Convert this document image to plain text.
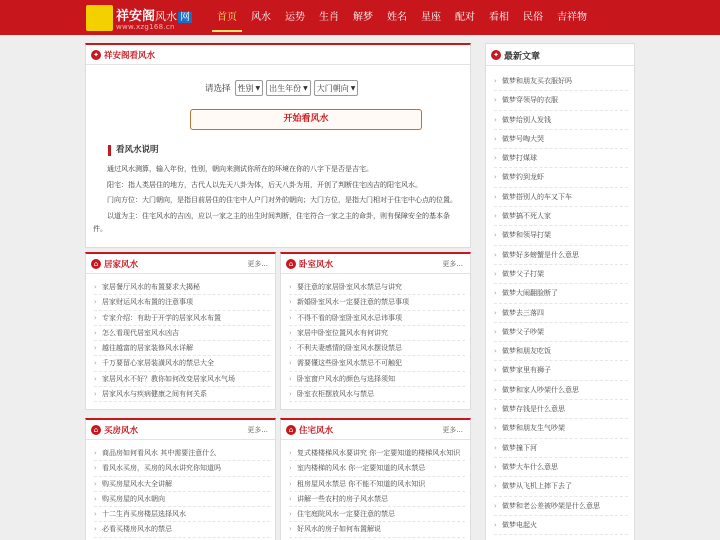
祥安阁风水 网
www.xzg168.cn
首页	风水	运势	生肖	解梦	姓名	星座	配对	看相	民俗	吉祥物
✦ 祥安阁看风水
请选择 性别 ▼ 出生年份 ▼ 大门朝向 ▼
开始看风水
看风水说明
通过风水测算，输入年份，性别，朝向来测试你所在的环境在你的八字下是否是吉宅。
阳宅：指人类居住的地方，古代人以先天八卦为体，后天八卦为用，开创了判断住宅凶吉的阳宅风水。
门向方位：大门朝向，是指目前居住的住宅中人户门对外的朝向；大门方位，是指大门相对于住宅中心点的位置。
以道为主：住宅风水的吉凶，应以一家之主的出生时间判断，住宅符合一家之主的命卦，则有保障安全的基本条件。
⌂ 居家风水	更多...
› 家居餐厅风水的布置要求大揭秘
› 居家财运风水布置的注意事项
› 专家介绍：有助于开学的居家风水布置
› 怎么看现代居室风水凶吉
› 越往越富的居家装修风水详解
› 千万要留心家居装潢风水的禁忌大全
› 家居风水不好？教你如何改变居家风水气场
› 居家风水与疾病健康之间有何关系
⌂ 卧室风水	更多...
› 要注意的家居卧室风水禁忌与讲究
› 新婚卧室风水一定要注意的禁忌事项
› 不得不看的卧室卧室风水忌讳事项
› 家居中卧室位置风水有何讲究
› 不利夫妻感情的卧室风水摆设禁忌
› 需要懂这些卧室风水禁忌不可触犯
› 卧室窗户风水的颜色与选择须知
› 卧室衣柜摆放风水与禁忌
⌂ 买房风水	更多...
› 商品房如何看风水 其中需要注意什么
› 看风水买房，买房的风水讲究你知道吗
› 购买房屋风水大全讲解
› 购买房屋的风水朝向
› 十二生肖买房楼层选择风水
› 必看买楼房风水的禁忌
⌂ 住宅风水	更多...
› 复式楼楼梯风水要讲究 你一定要知道的楼梯风水知识
› 室内楼梯的风水 你一定要知道的风水禁忌
› 租房屋风水禁忌 你不能不知道的风水知识
› 讲解一些农村的房子风水禁忌
› 住宅庭院风水一定要注意的禁忌
› 好风水的房子如何布置解说
✦ 最新文章
› 做梦和朋友买衣服好吗
› 做梦穿领导的衣服
› 做梦给别人发钱
› 做梦号啕大哭
› 做梦打煤球
› 做梦钓到龙虾
› 做梦搭别人的车又下车
› 做梦搞不死人家
› 做梦和领导打架
› 做梦好多螃蟹是什么意思
› 做梦父子打架
› 做梦大闹翻脸断了
› 做梦去三落四
› 做梦父子吵架
› 做梦和朋友吃饭
› 做梦家里有狮子
› 做梦和家人吵架什么意思
› 做梦存钱是什么意思
› 做梦和朋友生气吵架
› 做梦撞下河
› 做梦大车什么意思
› 做梦从飞机上摔下去了
› 做梦和老公差被吵架是什么意思
› 做梦电起火
